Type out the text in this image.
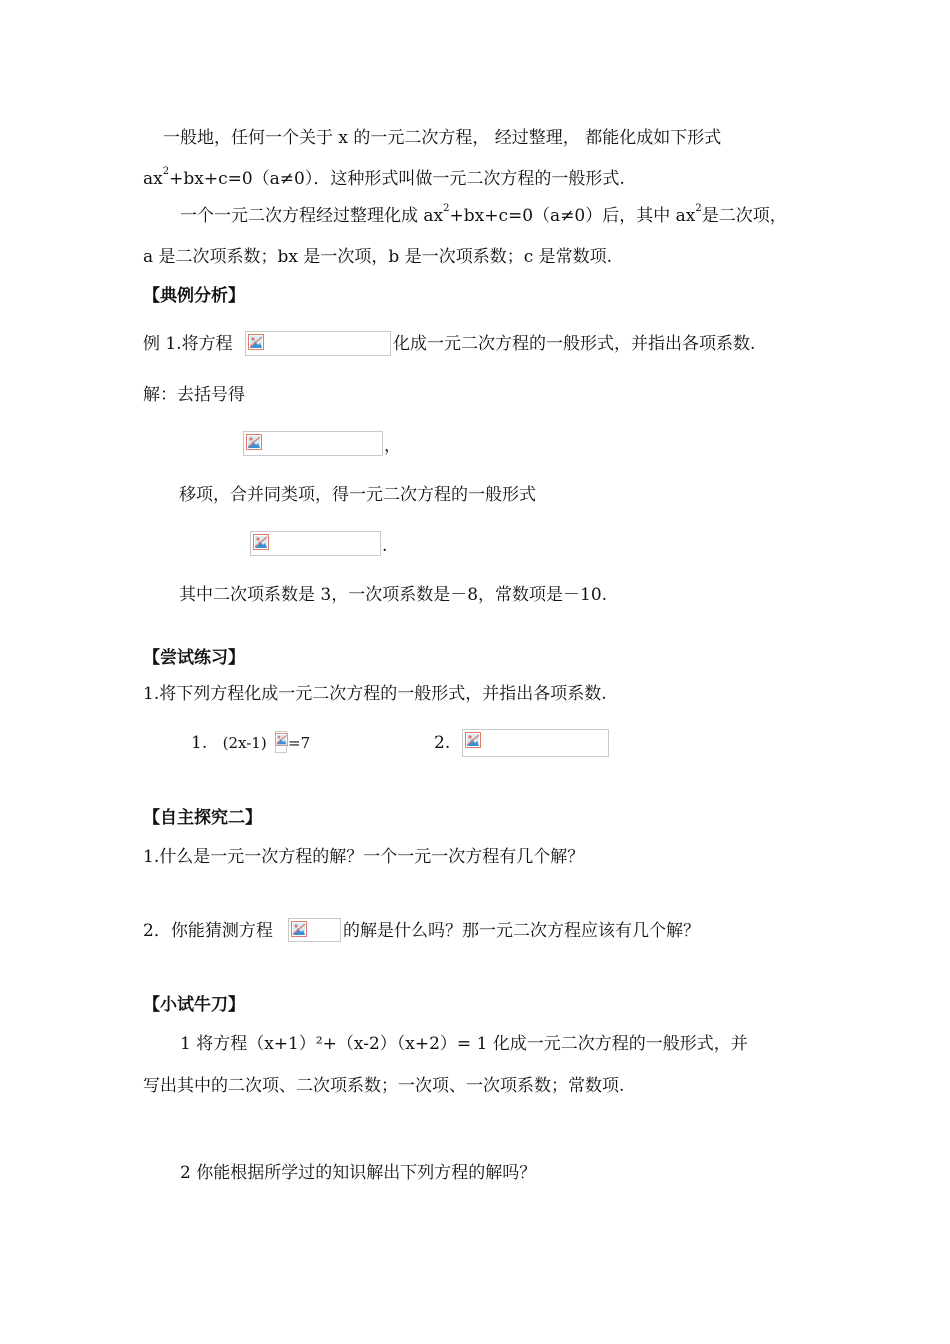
一般地，任何一个关于 x 的一元二次方程， 经过整理， 都能化成如下形式
$ax^2+bx+c=0(a\ne 0)$．这种形式叫做一元二次方程的一般形式.
一个一元二次方程经过整理化成 $ax^2+bx+c=0(a\ne 0)$后，其中 $ax^2$是二次项，
a 是二次项系数；bx 是一次项，b 是一次项系数；c 是常数项.
【典例分析】
例 1.将方程	化成一元二次方程的一般形式，并指出各项系数.
解：去括号得
，
移项，合并同类项，得一元二次方程的一般形式
.
其中二次项系数是 3，一次项系数是－8，常数项是－10.
【尝试练习】
1.将下列方程化成一元二次方程的一般形式，并指出各项系数.
1. (2x-1) =7	2.
【自主探究二】
1.什么是一元一次方程的解？一个一元一次方程有几个解？
2．你能猜测方程	的解是什么吗？那一元二次方程应该有几个解？
【小试牛刀】
1 将方程（x+1）²+（x-2）（x+2）= 1 化成一元二次方程的一般形式，并
写出其中的二次项、二次项系数；一次项、一次项系数；常数项.
2 你能根据所学过的知识解出下列方程的解吗？
